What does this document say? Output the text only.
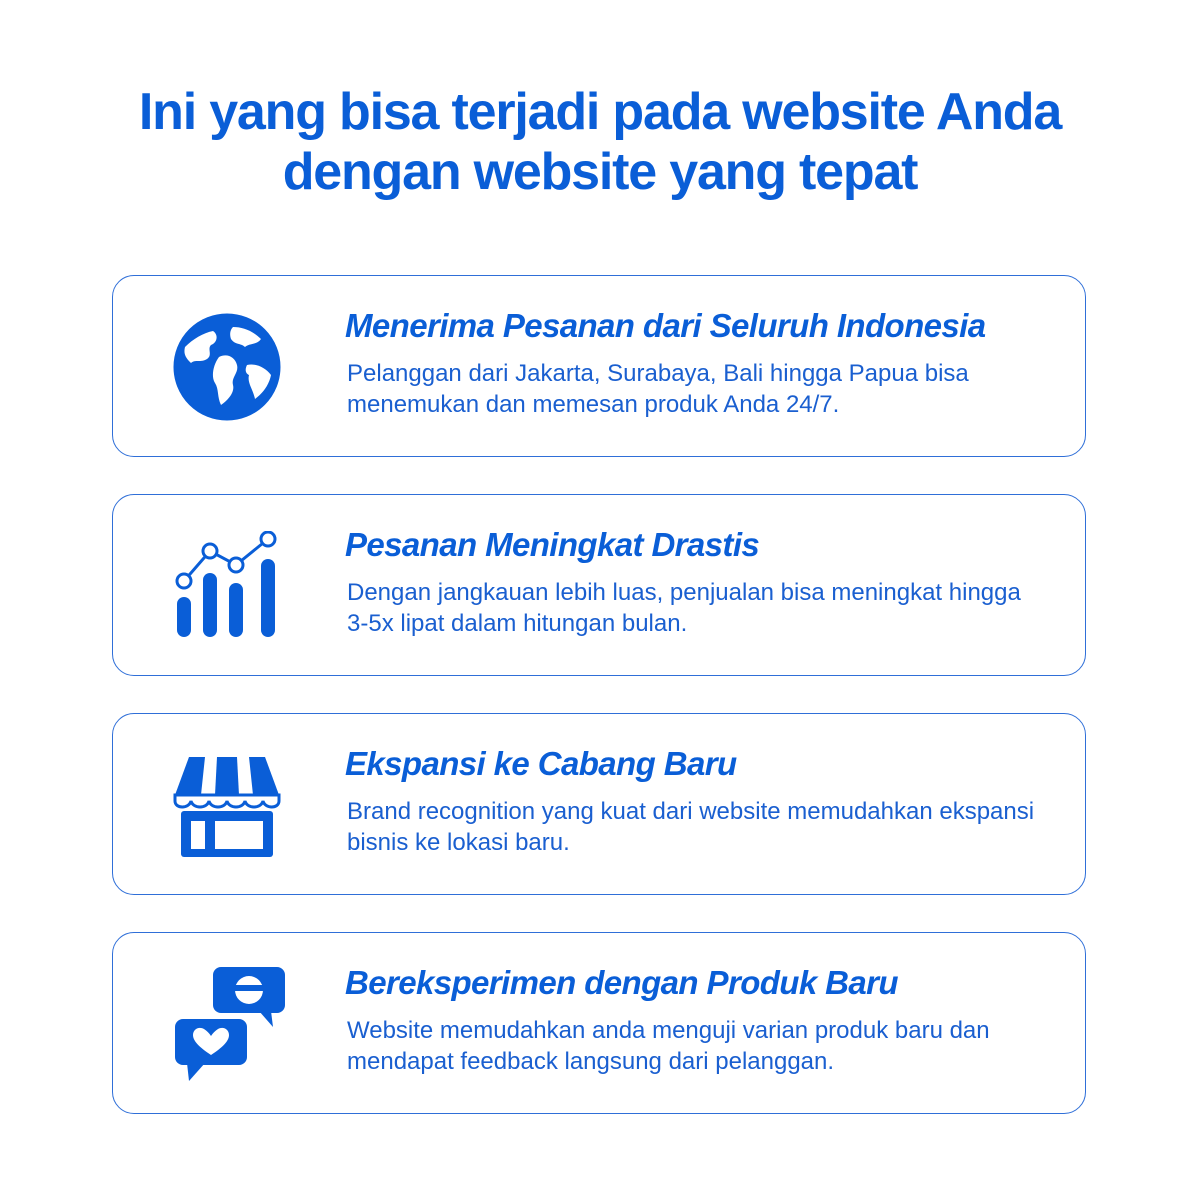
Ini yang bisa terjadi pada website Anda
dengan website yang tepat
Menerima Pesanan dari Seluruh Indonesia
Pelanggan dari Jakarta, Surabaya, Bali hingga Papua bisa menemukan dan memesan produk Anda 24/7.
Pesanan Meningkat Drastis
Dengan jangkauan lebih luas, penjualan bisa meningkat hingga 3-5x lipat dalam hitungan bulan.
Ekspansi ke Cabang Baru
Brand recognition yang kuat dari website memudahkan ekspansi bisnis ke lokasi baru.
Bereksperimen dengan Produk Baru
Website memudahkan anda menguji varian produk baru dan mendapat feedback langsung dari pelanggan.
